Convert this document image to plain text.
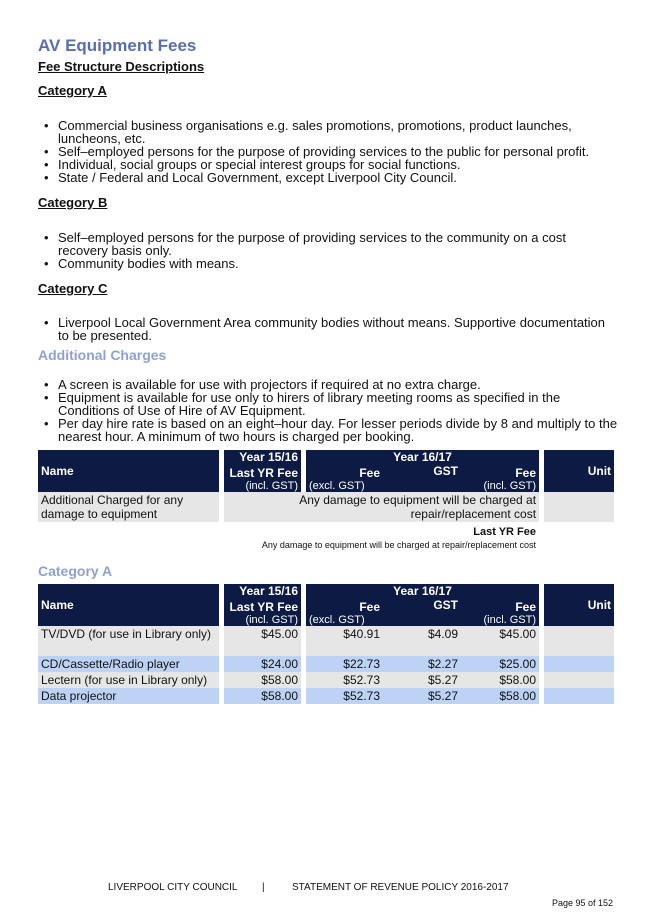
AV Equipment Fees
Fee Structure Descriptions
Category A
• Commercial business organisations e.g. sales promotions, promotions, product launches, luncheons, etc.
• Self–employed persons for the purpose of providing services to the public for personal profit.
• Individual, social groups or special interest groups for social functions.
• State / Federal and Local Government, except Liverpool City Council.
Category B
• Self–employed persons for the purpose of providing services to the community on a cost recovery basis only.
• Community bodies with means.
Category C
• Liverpool Local Government Area community bodies without means. Supportive documentation to be presented.
Additional Charges
• A screen is available for use with projectors if required at no extra charge.
• Equipment is available for use only to hirers of library meeting rooms as specified in the Conditions of Use of Hire of AV Equipment.
• Per day hire rate is based on an eight–hour day. For lesser periods divide by 8 and multiply to the nearest hour. A minimum of two hours is charged per booking.
Name	Year 15/16	Year 16/17			Unit
	Last YR Fee
(incl. GST)	Fee
(excl. GST)	GST	Fee
(incl. GST)	

Additional Charged for any damage to equipment	Any damage to equipment will be charged at repair/replacement cost				
	Last YR Fee
Any damage to equipment will be charged at repair/replacement cost				
Category A
Name	Year 15/16	Year 16/17			Unit
	Last YR Fee
(incl. GST)	Fee
(excl. GST)	GST	Fee
(incl. GST)	

TV/DVD (for use in Library only)	$45.00	$40.91	$4.09	$45.00	
CD/Cassette/Radio player	$24.00	$22.73	$2.27	$25.00	
Lectern (for use in Library only)	$58.00	$52.73	$5.27	$58.00	
Data projector	$58.00	$52.73	$5.27	$58.00	
LIVERPOOL CITY COUNCIL |	STATEMENT OF REVENUE POLICY 2016-2017
Page 95 of 152
